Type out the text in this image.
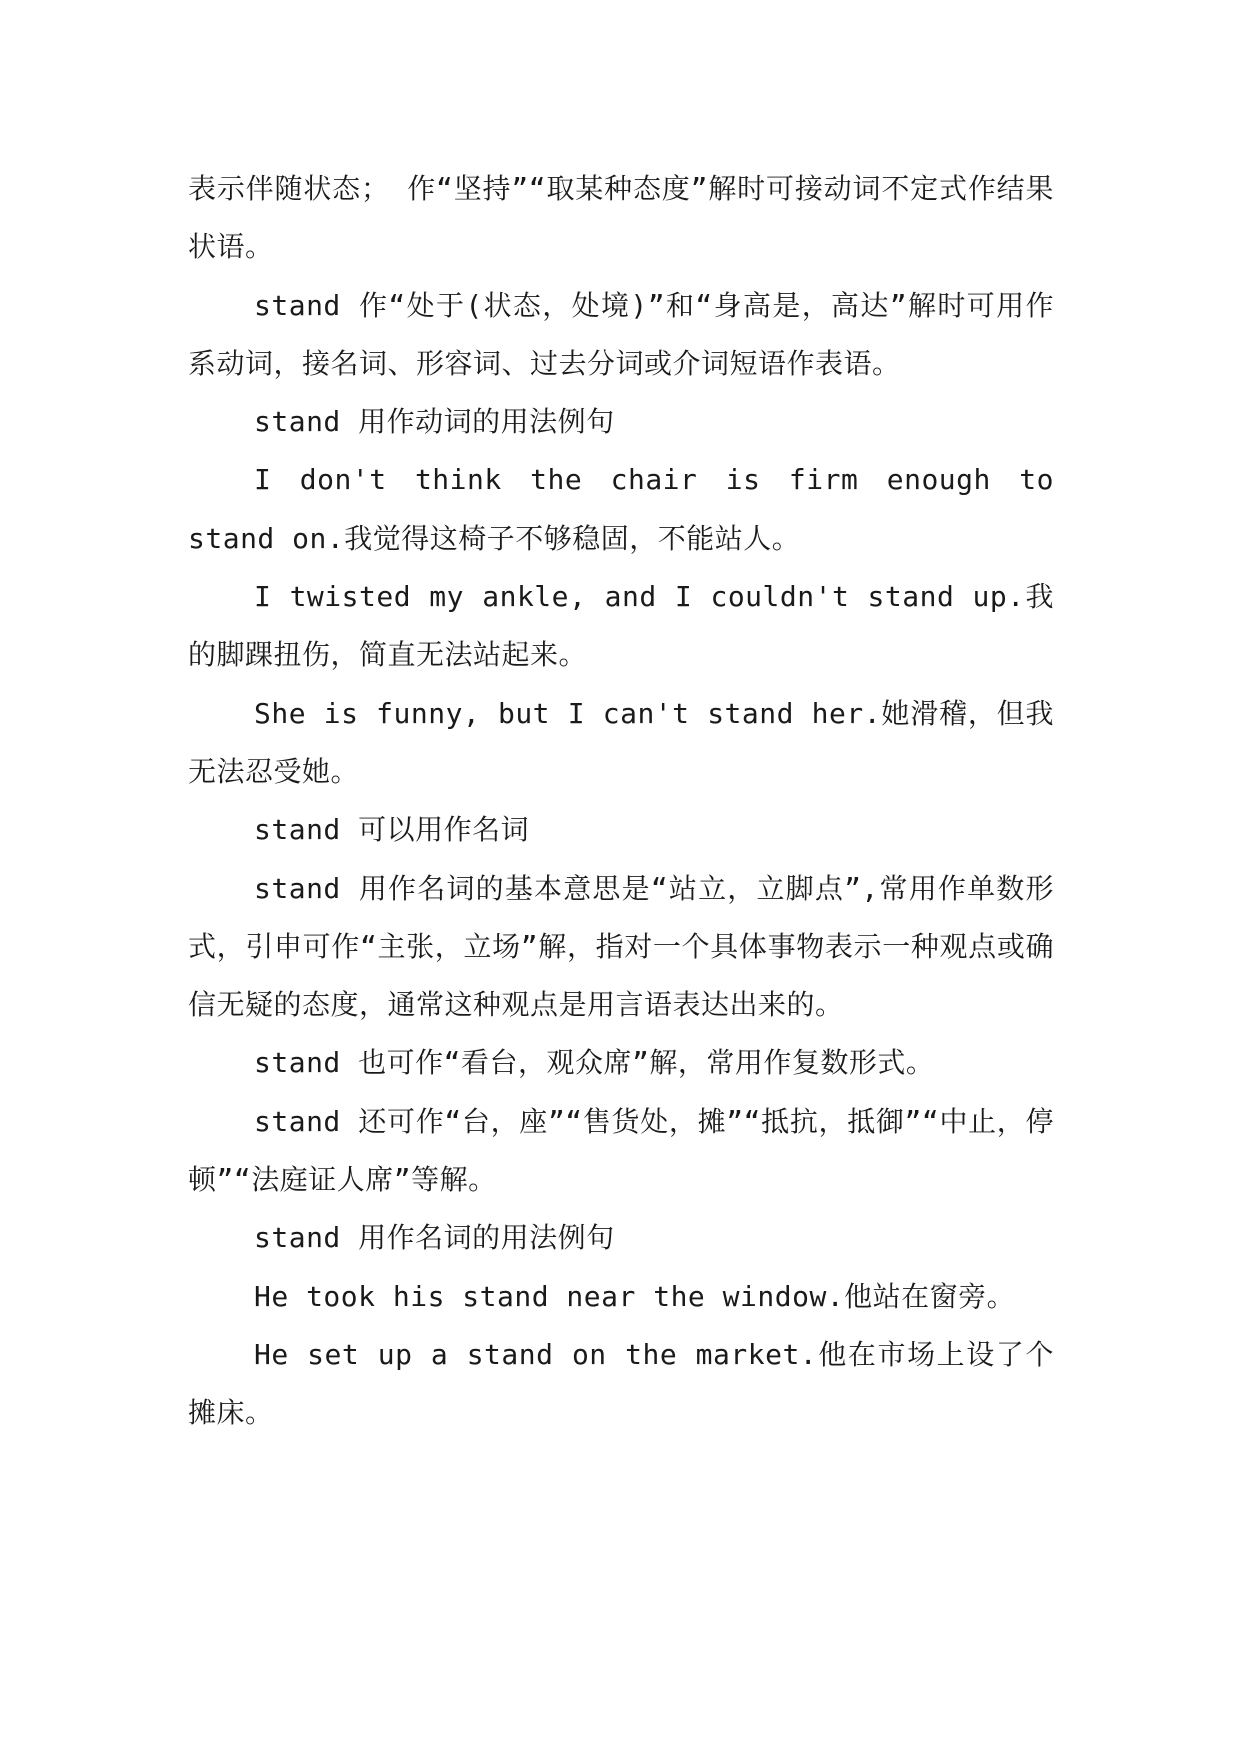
表示伴随状态； 作“坚持”“取某种态度”解时可接动词不定式作结果状语。

stand 作“处于(状态，处境)”和“身高是，高达”解时可用作系动词，接名词、形容词、过去分词或介词短语作表语。

stand 用作动词的用法例句

I don't think the chair is firm enough to stand on.我觉得这椅子不够稳固，不能站人。

I twisted my ankle, and I couldn't stand up.我的脚踝扭伤，简直无法站起来。

She is funny, but I can't stand her.她滑稽，但我无法忍受她。

stand 可以用作名词

stand 用作名词的基本意思是“站立，立脚点”,常用作单数形式，引申可作“主张，立场”解，指对一个具体事物表示一种观点或确信无疑的态度，通常这种观点是用言语表达出来的。

stand 也可作“看台，观众席”解，常用作复数形式。

stand 还可作“台，座”“售货处，摊”“抵抗，抵御”“中止，停顿”“法庭证人席”等解。

stand 用作名词的用法例句

He took his stand near the window.他站在窗旁。

He set up a stand on the market.他在市场上设了个摊床。
